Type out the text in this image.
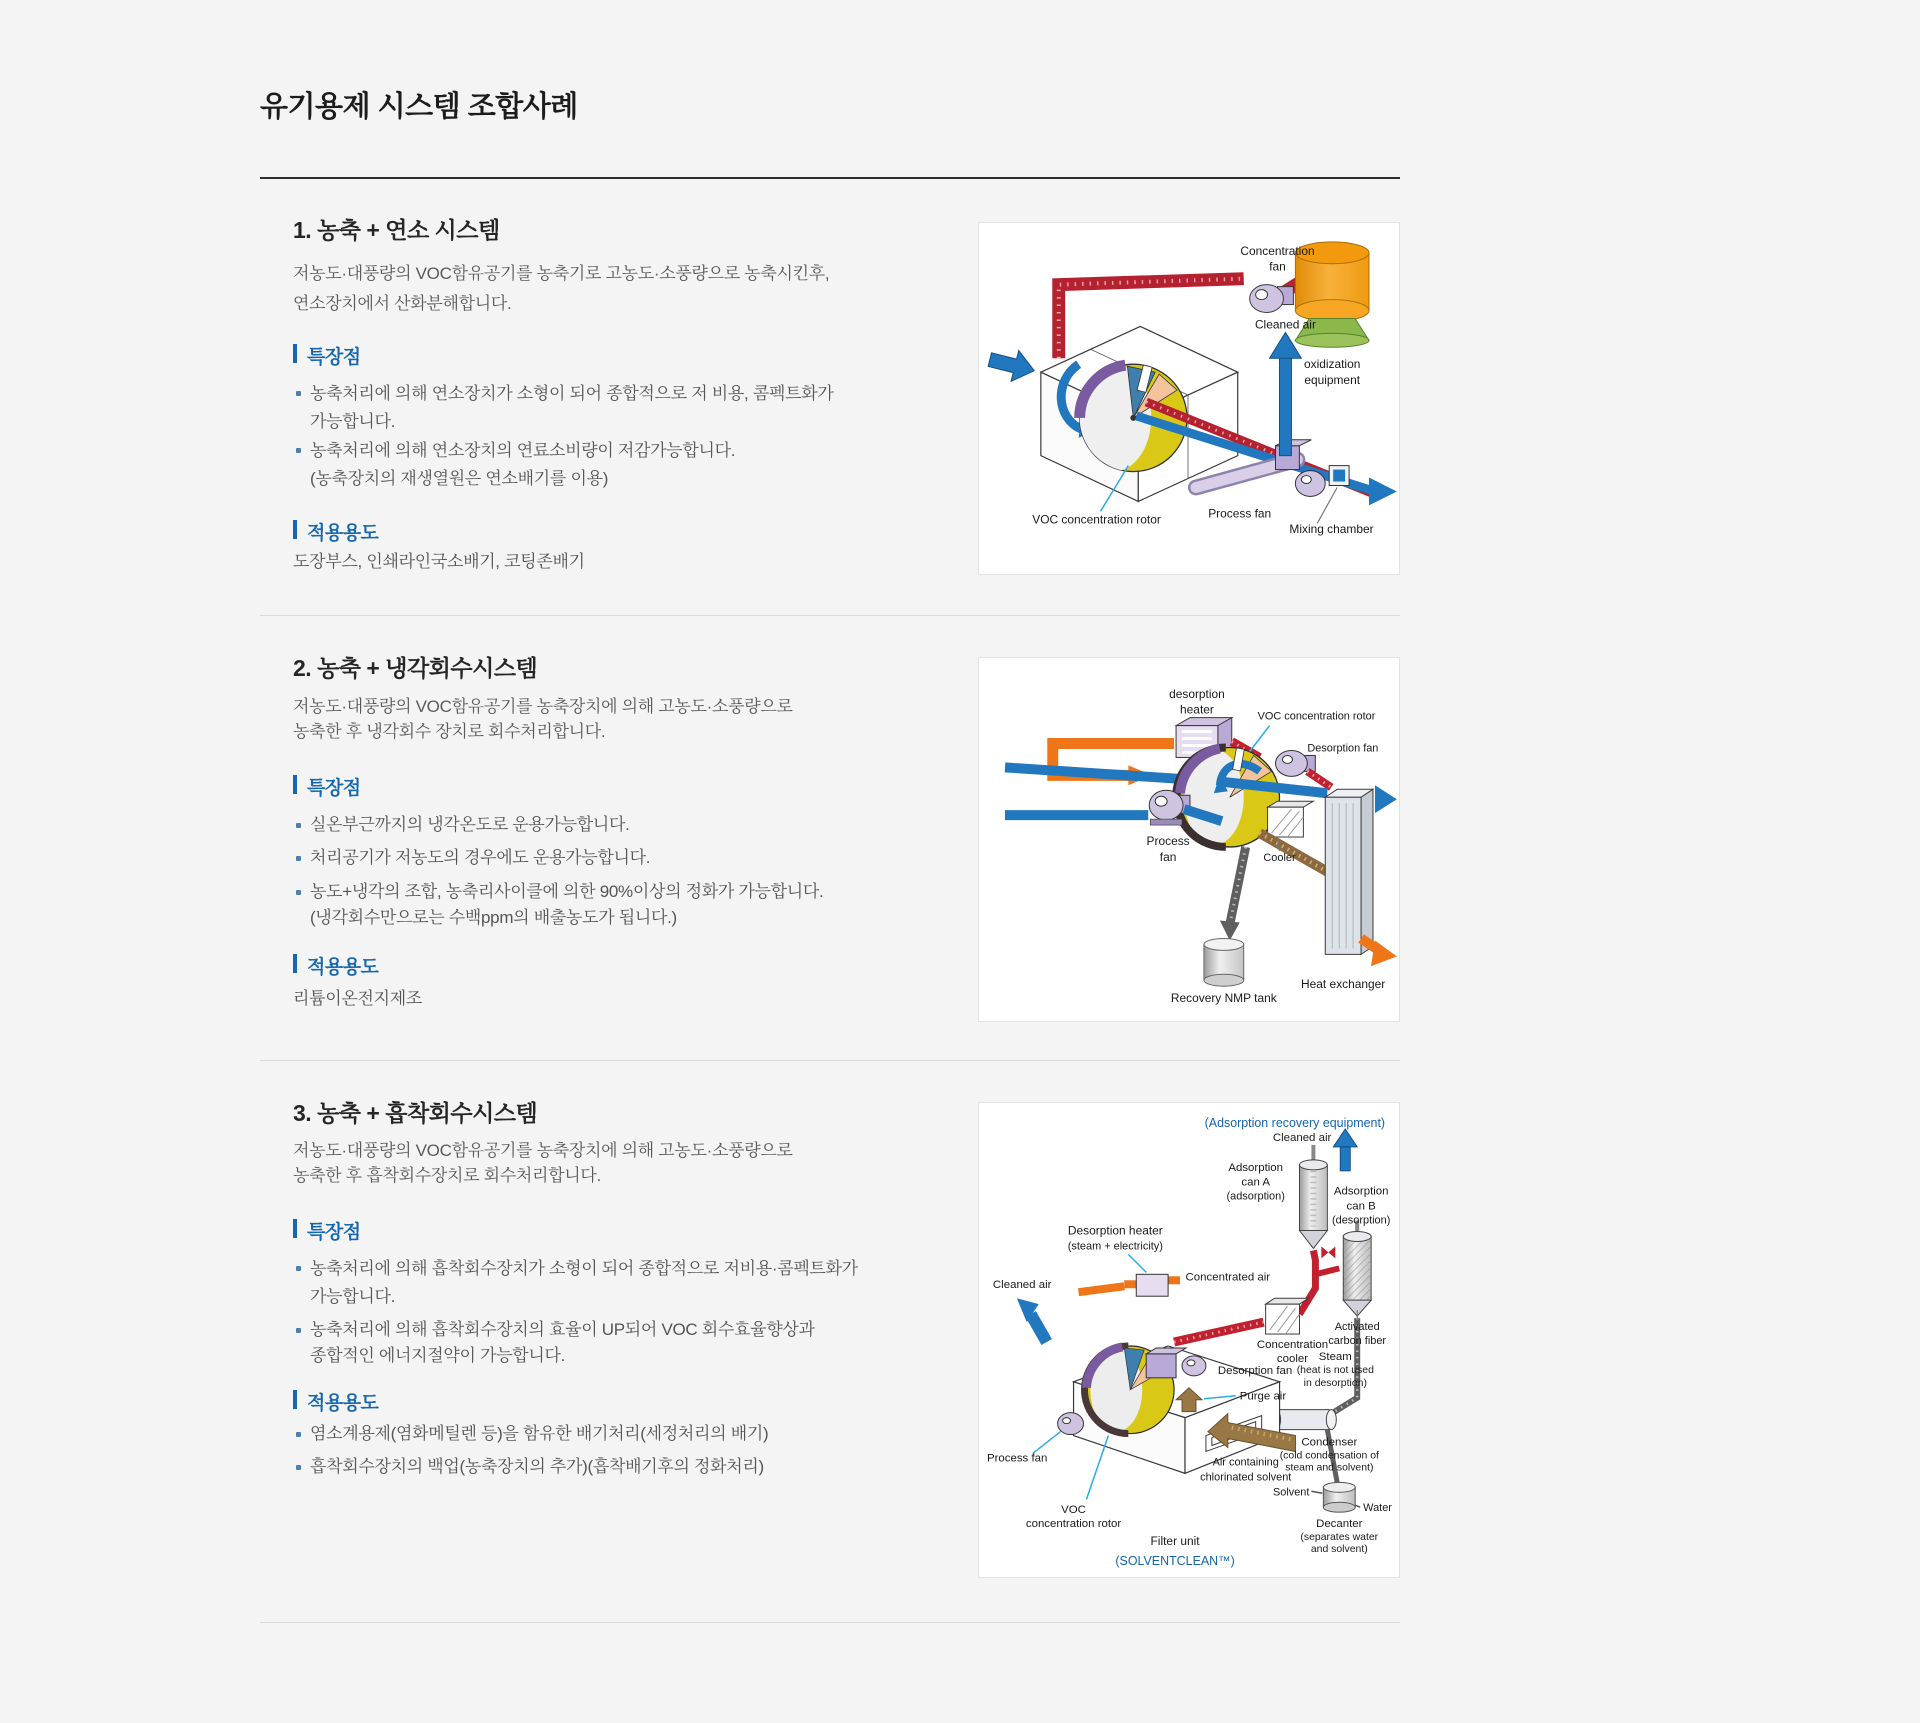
유기용제 시스템 조합사례
1. 농축 + 연소 시스템
저농도·대풍량의 VOC함유공기를 농축기로 고농도·소풍량으로 농축시킨후,
연소장치에서 산화분해합니다.
특장점
농축처리에 의해 연소장치가 소형이 되어 종합적으로 저 비용, 콤펙트화가
가능합니다.
농축처리에 의해 연소장치의 연료소비량이 저감가능합니다.
(농축장치의 재생열원은 연소배기를 이용)
적용용도
도장부스, 인쇄라인국소배기, 코팅존배기
Concentration
fan
Cleaned air
oxidization
equipment
VOC concentration rotor	Process fan
Mixing chamber
2. 농축 + 냉각회수시스템
저농도·대풍량의 VOC함유공기를 농축장치에 의해 고농도·소풍량으로
농축한 후 냉각회수 장치로 회수처리합니다.
특장점
실온부근까지의 냉각온도로 운용가능합니다.
처리공기가 저농도의 경우에도 운용가능합니다.
농도+냉각의 조합, 농축리사이클에 의한 90%이상의 정화가 가능합니다.
(냉각회수만으로는 수백ppm의 배출농도가 됩니다.)
적용용도
리튬이온전지제조
desorption
heater	VOC concentration rotor
Desorption fan
Process
fan	Cooler
Recovery NMP tank
Heat exchanger
3. 농축 + 흡착회수시스템
저농도·대풍량의 VOC함유공기를 농축장치에 의해 고농도·소풍량으로
농축한 후 흡착회수장치로 회수처리합니다.
특장점
농축처리에 의해 흡착회수장치가 소형이 되어 종합적으로 저비용·콤펙트화가
가능합니다.
농축처리에 의해 흡착회수장치의 효율이 UP되어 VOC 회수효율향상과
종합적인 에너지절약이 가능합니다.
적용용도
염소계용제(염화메틸렌 등)을 함유한 배기처리(세정처리의 배기)
흡착회수장치의 백업(농축장치의 추가)(흡착배기후의 정화처리)
(Adsorption recovery equipment)
Adsorption
can A
(adsorption)
Cleaned air
Adsorption
can B
(desorption)
Activated
carbon fiber
Desorption heater
(steam + electricity)
Cleaned air
Concentrated air
Concentration
cooler
Desorption fan
Purge air
Steam
(heat is not used
in desorption)
Condenser
(cold condensation of
steam and solvent)
Process fan	Air containing
chlorinated solvent
VOC
concentration rotor
Solvent
Water
Decanter
(separates water
and solvent)
Filter unit
(SOLVENTCLEAN™)
